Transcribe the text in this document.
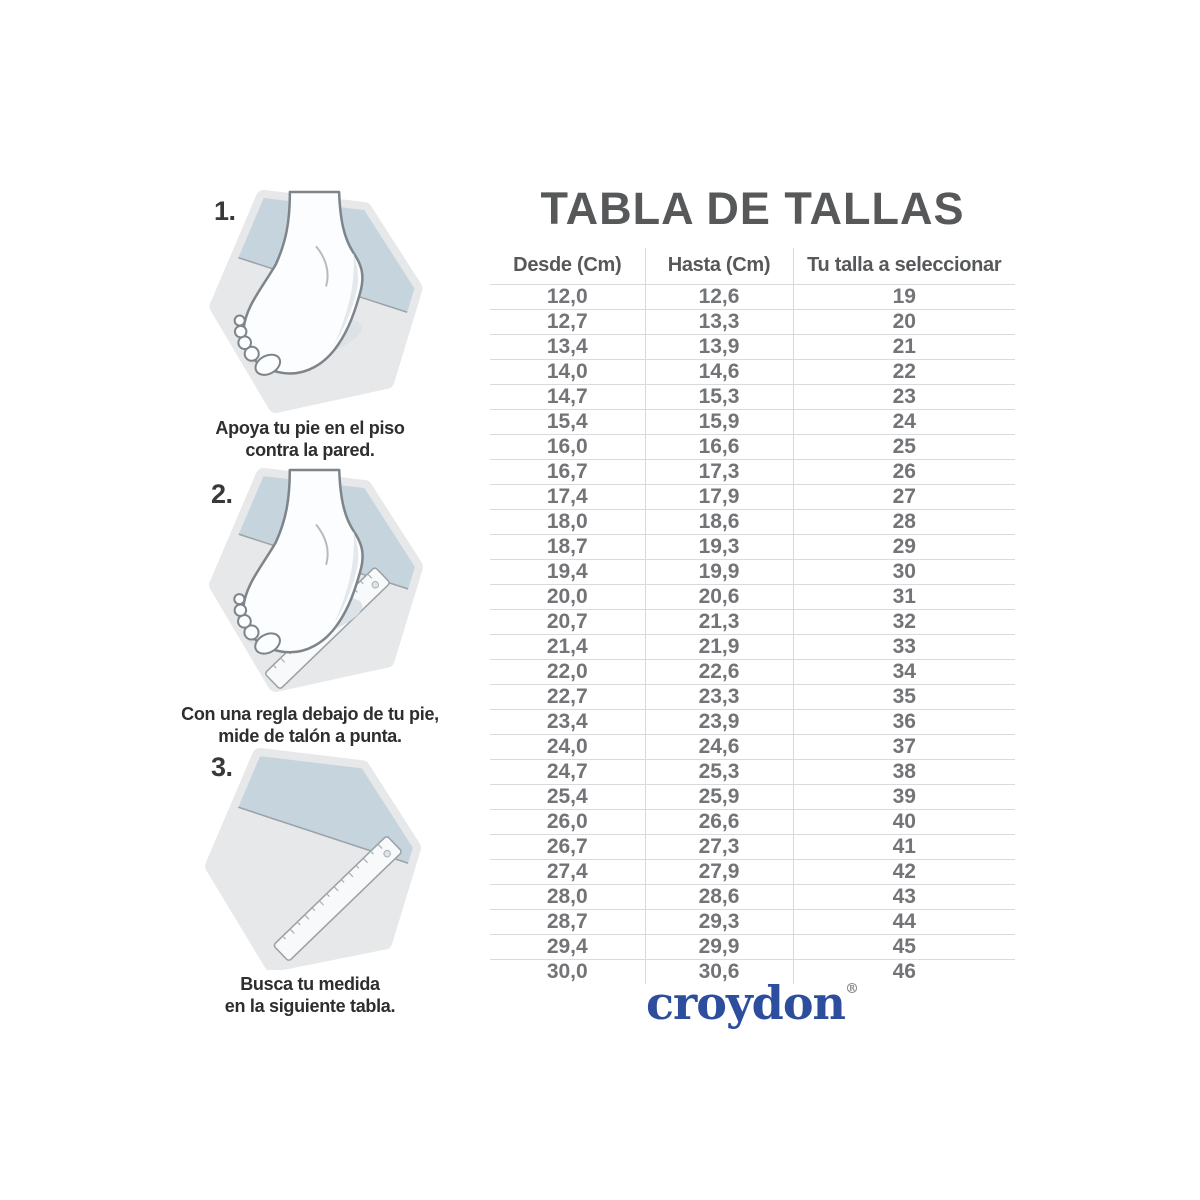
1.
Apoya tu pie en el piso
contra la pared.
2.
Con una regla debajo de tu pie,
mide de talón a punta.
3.
Busca tu medida
en la siguiente tabla.
TABLA DE TALLAS
Desde (Cm)	Hasta (Cm)	Tu talla a seleccionar
12,0	12,6	19
12,7	13,3	20
13,4	13,9	21
14,0	14,6	22
14,7	15,3	23
15,4	15,9	24
16,0	16,6	25
16,7	17,3	26
17,4	17,9	27
18,0	18,6	28
18,7	19,3	29
19,4	19,9	30
20,0	20,6	31
20,7	21,3	32
21,4	21,9	33
22,0	22,6	34
22,7	23,3	35
23,4	23,9	36
24,0	24,6	37
24,7	25,3	38
25,4	25,9	39
26,0	26,6	40
26,7	27,3	41
27,4	27,9	42
28,0	28,6	43
28,7	29,3	44
29,4	29,9	45
30,0	30,6	46
croydon®
